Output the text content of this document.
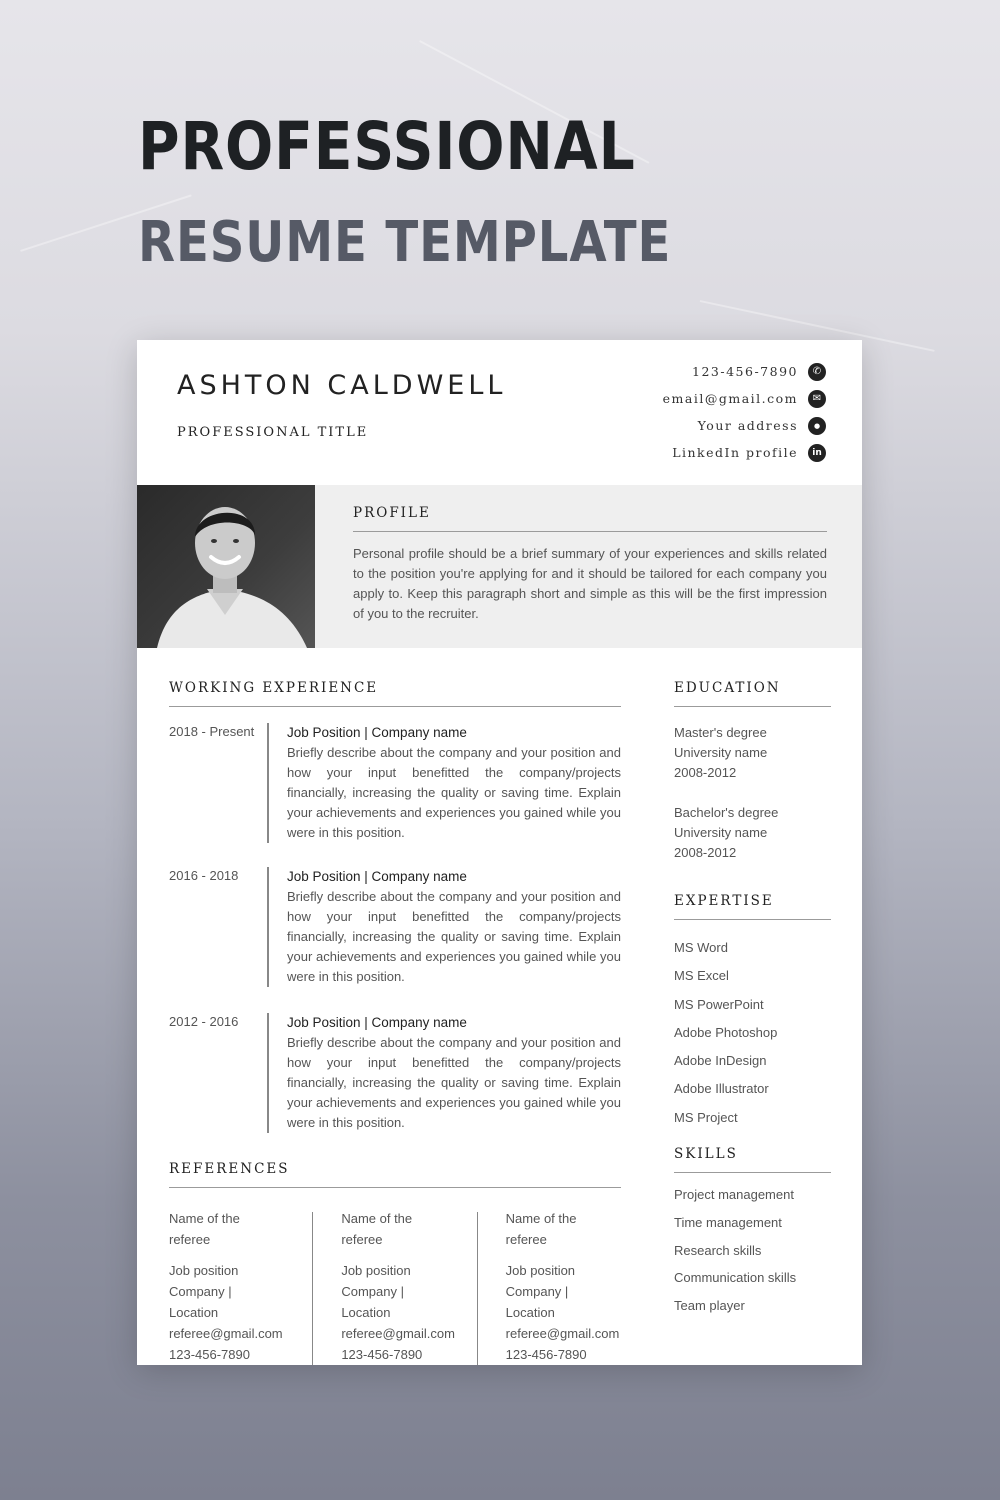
PROFESSIONAL
RESUME TEMPLATE
ASHTON CALDWELL
PROFESSIONAL TITLE
123-456-7890	✆
email@gmail.com	✉
Your address	●
LinkedIn profile	in
PROFILE
Personal profile should be a brief summary of your experiences and skills related to the position you're applying for and it should be tailored for each company you apply to. Keep this paragraph short and simple as this will be the first impression of you to the recruiter.
WORKING EXPERIENCE
2018 - Present	Job Position | Company name
Briefly describe about the company and your position and how your input benefitted the company/projects financially, increasing the quality or saving time. Explain your achievements and experiences you gained while you were in this position.
2016 - 2018	Job Position | Company name
Briefly describe about the company and your position and how your input benefitted the company/projects financially, increasing the quality or saving time. Explain your achievements and experiences you gained while you were in this position.
2012 - 2016	Job Position | Company name
Briefly describe about the company and your position and how your input benefitted the company/projects financially, increasing the quality or saving time. Explain your achievements and experiences you gained while you were in this position.
REFERENCES
Name of the referee
Job position
Company | Location
referee@gmail.com
123-456-7890
Name of the referee
Job position
Company | Location
referee@gmail.com
123-456-7890
Name of the referee
Job position
Company | Location
referee@gmail.com
123-456-7890
EDUCATION
Master's degree
University name
2008-2012
Bachelor's degree
University name
2008-2012
EXPERTISE
MS Word
MS Excel
MS PowerPoint
Adobe Photoshop
Adobe InDesign
Adobe Illustrator
MS Project
SKILLS
Project management
Time management
Research skills
Communication skills
Team player
